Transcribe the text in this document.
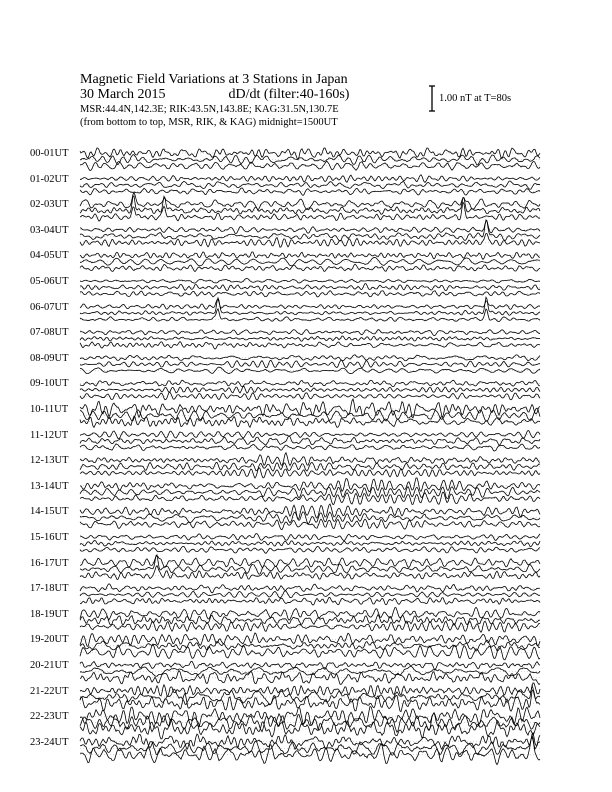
Magnetic Field Variations at 3 Stations in Japan
30 March 2015	dD/dt (filter:40-160s)
MSR:44.4N,142.3E; RIK:43.5N,143.8E; KAG:31.5N,130.7E
(from bottom to top, MSR, RIK, & KAG) midnight=1500UT
1.00 nT at T=80s
00-01UT
01-02UT
02-03UT
03-04UT
04-05UT
05-06UT
06-07UT
07-08UT
08-09UT
09-10UT
10-11UT
11-12UT
12-13UT
13-14UT
14-15UT
15-16UT
16-17UT
17-18UT
18-19UT
19-20UT
20-21UT
21-22UT
22-23UT
23-24UT
